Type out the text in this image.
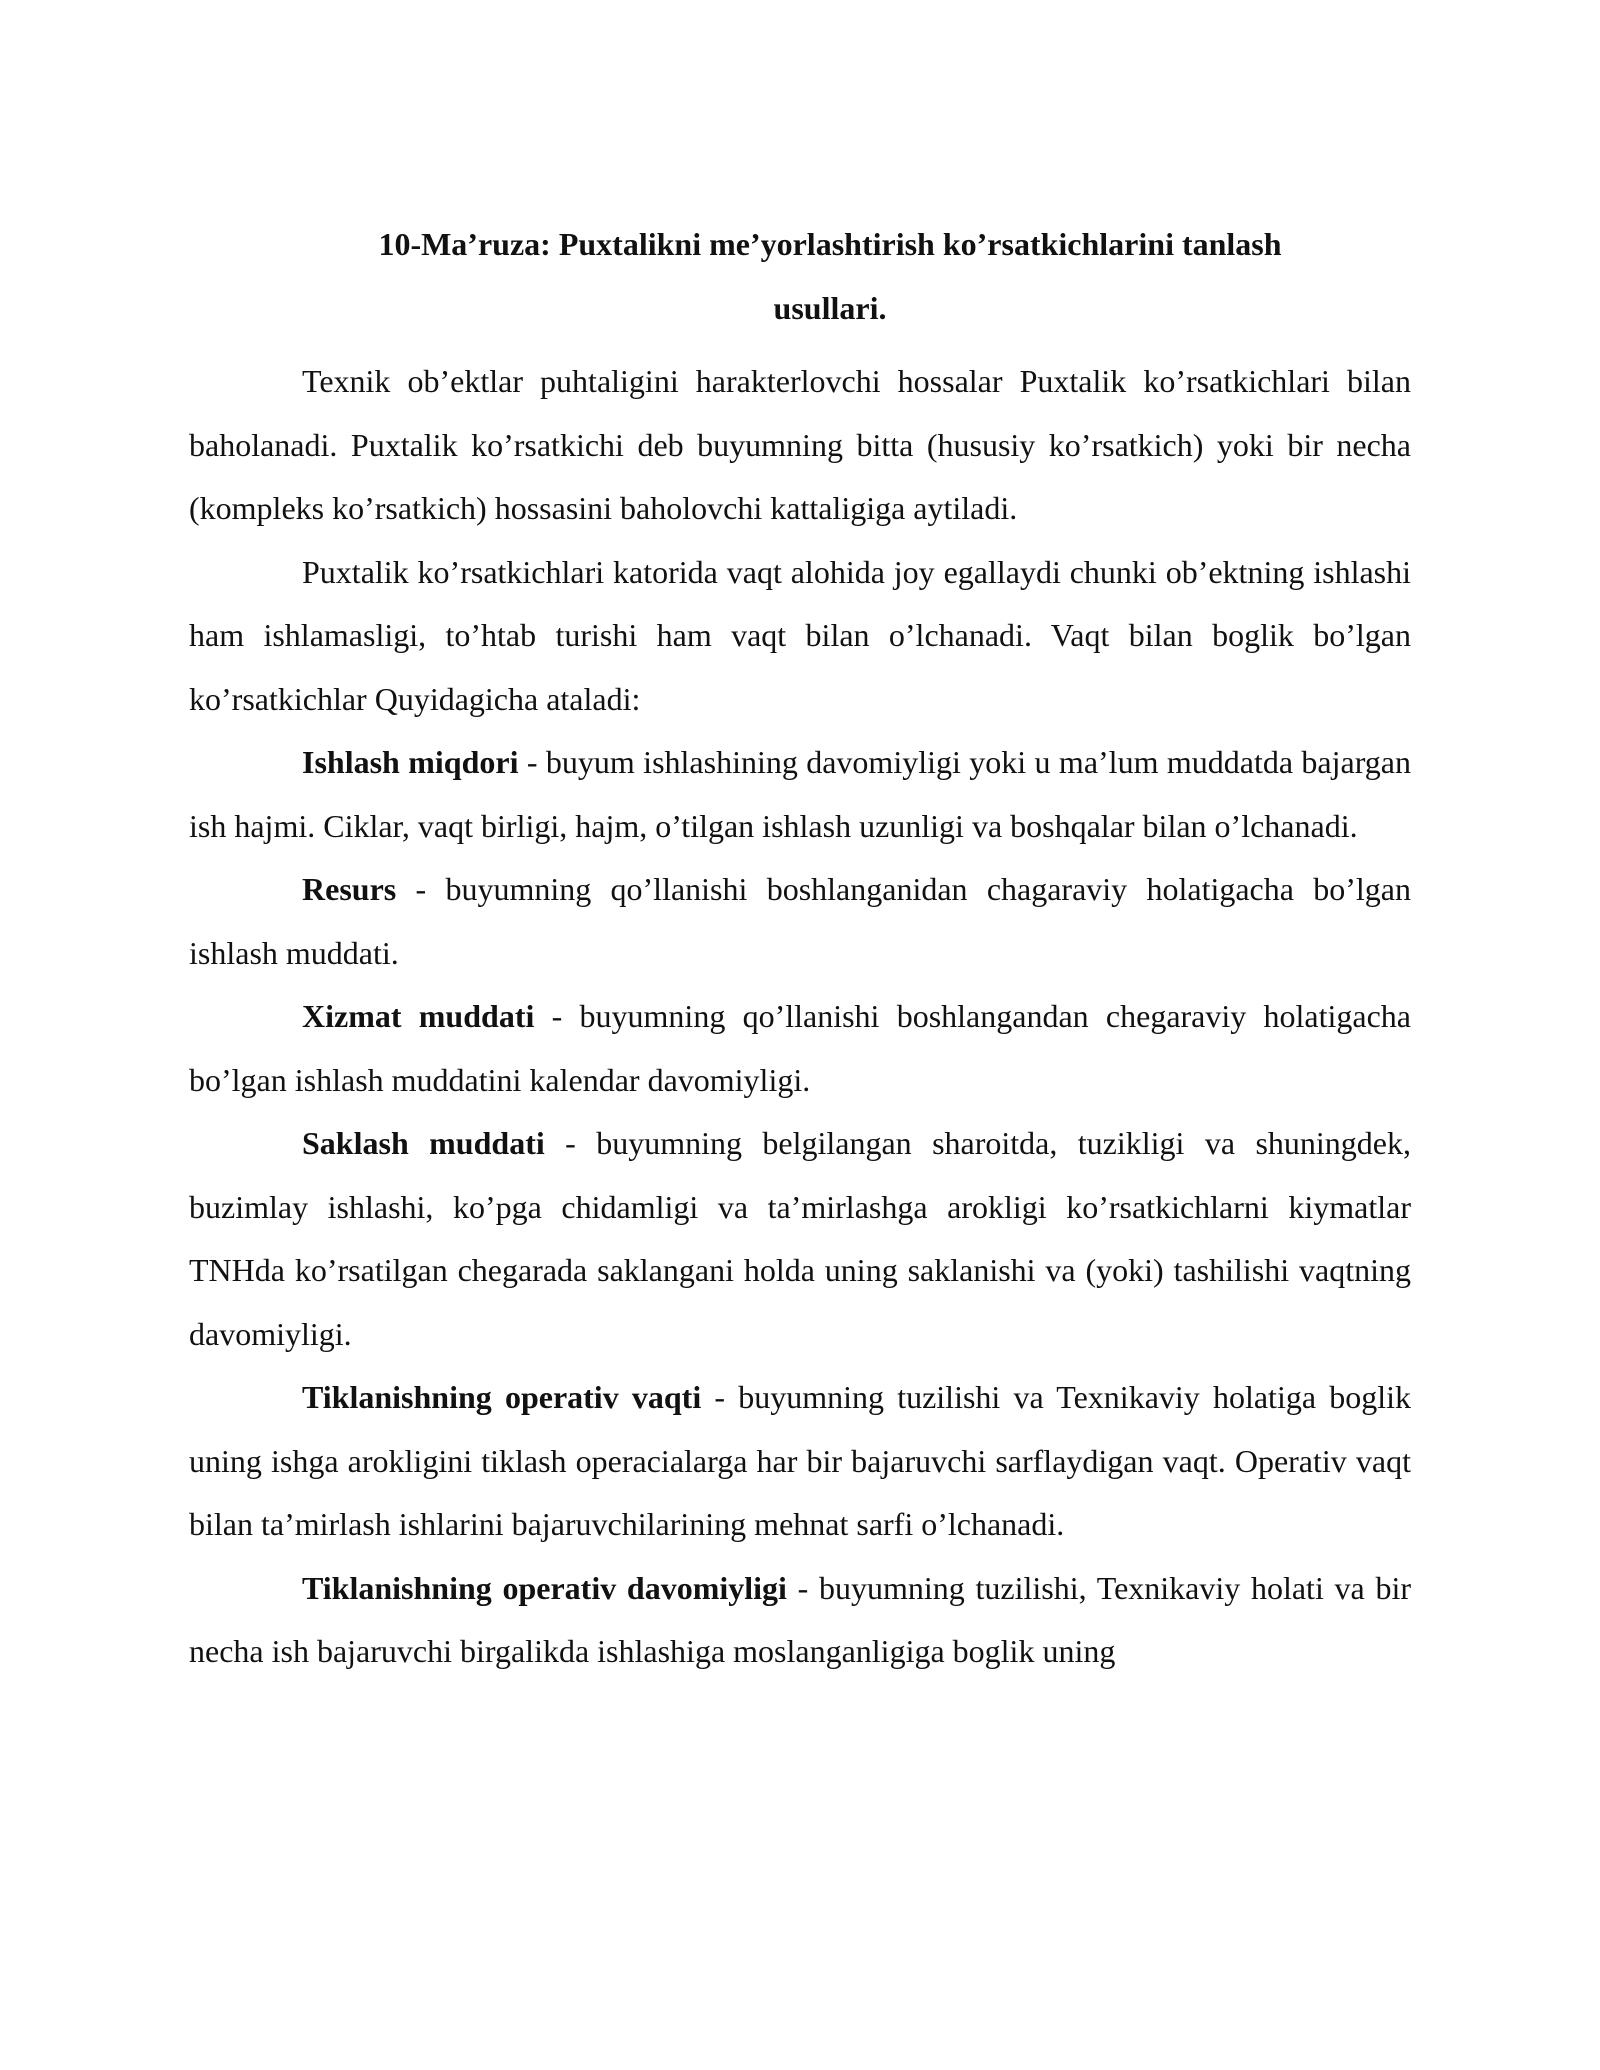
10-Ma’ruza: Puxtalikni me’yorlashtirish ko’rsatkichlarini tanlash
usullari.

Texnik ob’ektlar puhtaligini harakterlovchi hossalar Puxtalik ko’rsatkichlari bilan baholanadi. Puxtalik ko’rsatkichi deb buyumning bitta (hususiy ko’rsatkich) yoki bir necha (kompleks ko’rsatkich) hossasini baholovchi kattaligiga aytiladi.

Puxtalik ko’rsatkichlari katorida vaqt alohida joy egallaydi chunki ob’ektning ishlashi ham ishlamasligi, to’htab turishi ham vaqt bilan o’lchanadi. Vaqt bilan boglik bo’lgan ko’rsatkichlar Quyidagicha ataladi:

Ishlash miqdori - buyum ishlashining davomiyligi yoki u ma’lum muddatda bajargan ish hajmi. Ciklar, vaqt birligi, hajm, o’tilgan ishlash uzunligi va boshqalar bilan o’lchanadi.

Resurs - buyumning qo’llanishi boshlanganidan chagaraviy holatigacha bo’lgan ishlash muddati.

Xizmat muddati - buyumning qo’llanishi boshlangandan chegaraviy holatigacha bo’lgan ishlash muddatini kalendar davomiyligi.

Saklash muddati - buyumning belgilangan sharoitda, tuzikligi va shuningdek, buzimlay ishlashi, ko’pga chidamligi va ta’mirlashga arokligi ko’rsatkichlarni kiymatlar TNHda ko’rsatilgan chegarada saklangani holda uning saklanishi va (yoki) tashilishi vaqtning davomiyligi.

Tiklanishning operativ vaqti - buyumning tuzilishi va Texnikaviy holatiga boglik uning ishga arokligini tiklash operacialarga har bir bajaruvchi sarflaydigan vaqt. Operativ vaqt bilan ta’mirlash ishlarini bajaruvchilarining mehnat sarfi o’lchanadi.

Tiklanishning operativ davomiyligi - buyumning tuzilishi, Texnikaviy holati va bir necha ish bajaruvchi birgalikda ishlashiga moslanganligiga boglik uning
